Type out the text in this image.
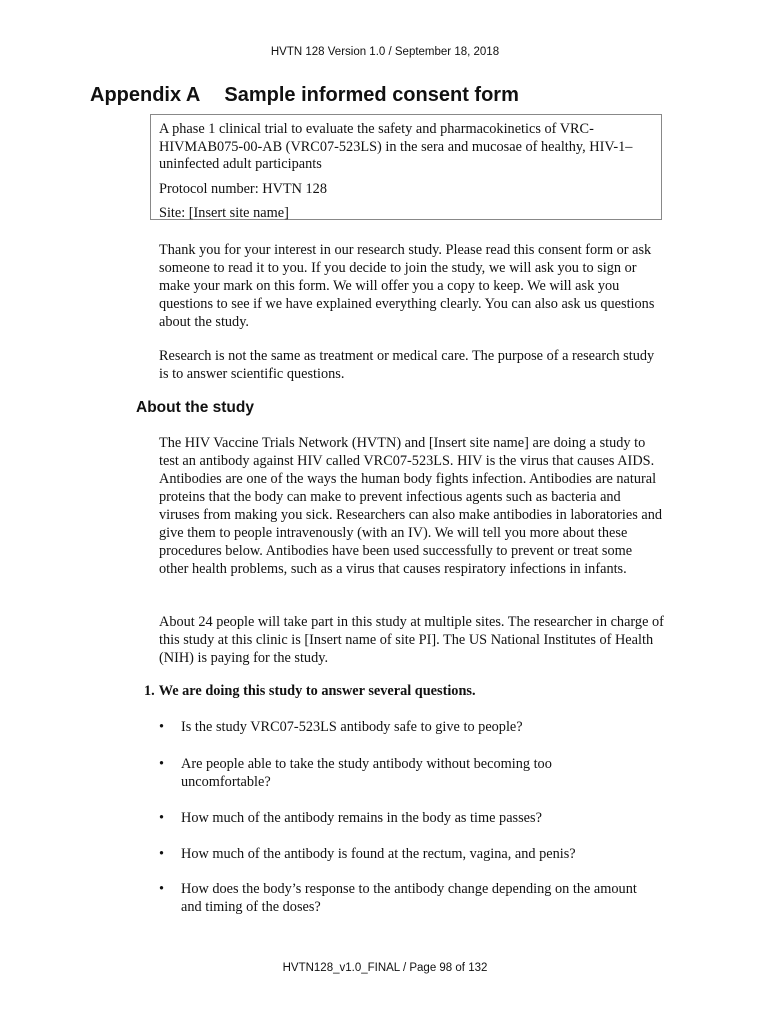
HVTN 128 Version 1.0 / September 18, 2018
Appendix A Sample informed consent form

A phase 1 clinical trial to evaluate the safety and pharmacokinetics of VRC-HIVMAB075-00-AB (VRC07-523LS) in the sera and mucosae of healthy, HIV-1–uninfected adult participants

Protocol number: HVTN 128

Site: [Insert site name]

Thank you for your interest in our research study. Please read this consent form or ask someone to read it to you. If you decide to join the study, we will ask you to sign or make your mark on this form. We will offer you a copy to keep. We will ask you questions to see if we have explained everything clearly. You can also ask us questions about the study.

Research is not the same as treatment or medical care. The purpose of a research study is to answer scientific questions.

About the study

The HIV Vaccine Trials Network (HVTN) and [Insert site name] are doing a study to test an antibody against HIV called VRC07-523LS. HIV is the virus that causes AIDS. Antibodies are one of the ways the human body fights infection. Antibodies are natural proteins that the body can make to prevent infectious agents such as bacteria and viruses from making you sick. Researchers can also make antibodies in laboratories and give them to people intravenously (with an IV). We will tell you more about these procedures below. Antibodies have been used successfully to prevent or treat some other health problems, such as a virus that causes respiratory infections in infants.

About 24 people will take part in this study at multiple sites. The researcher in charge of this study at this clinic is [Insert name of site PI]. The US National Institutes of Health (NIH) is paying for the study.

1. We are doing this study to answer several questions.
• Is the study VRC07-523LS antibody safe to give to people?
• Are people able to take the study antibody without becoming too uncomfortable?
• How much of the antibody remains in the body as time passes?
• How much of the antibody is found at the rectum, vagina, and penis?
• How does the body’s response to the antibody change depending on the amount and timing of the doses?
HVTN128_v1.0_FINAL / Page 98 of 132
